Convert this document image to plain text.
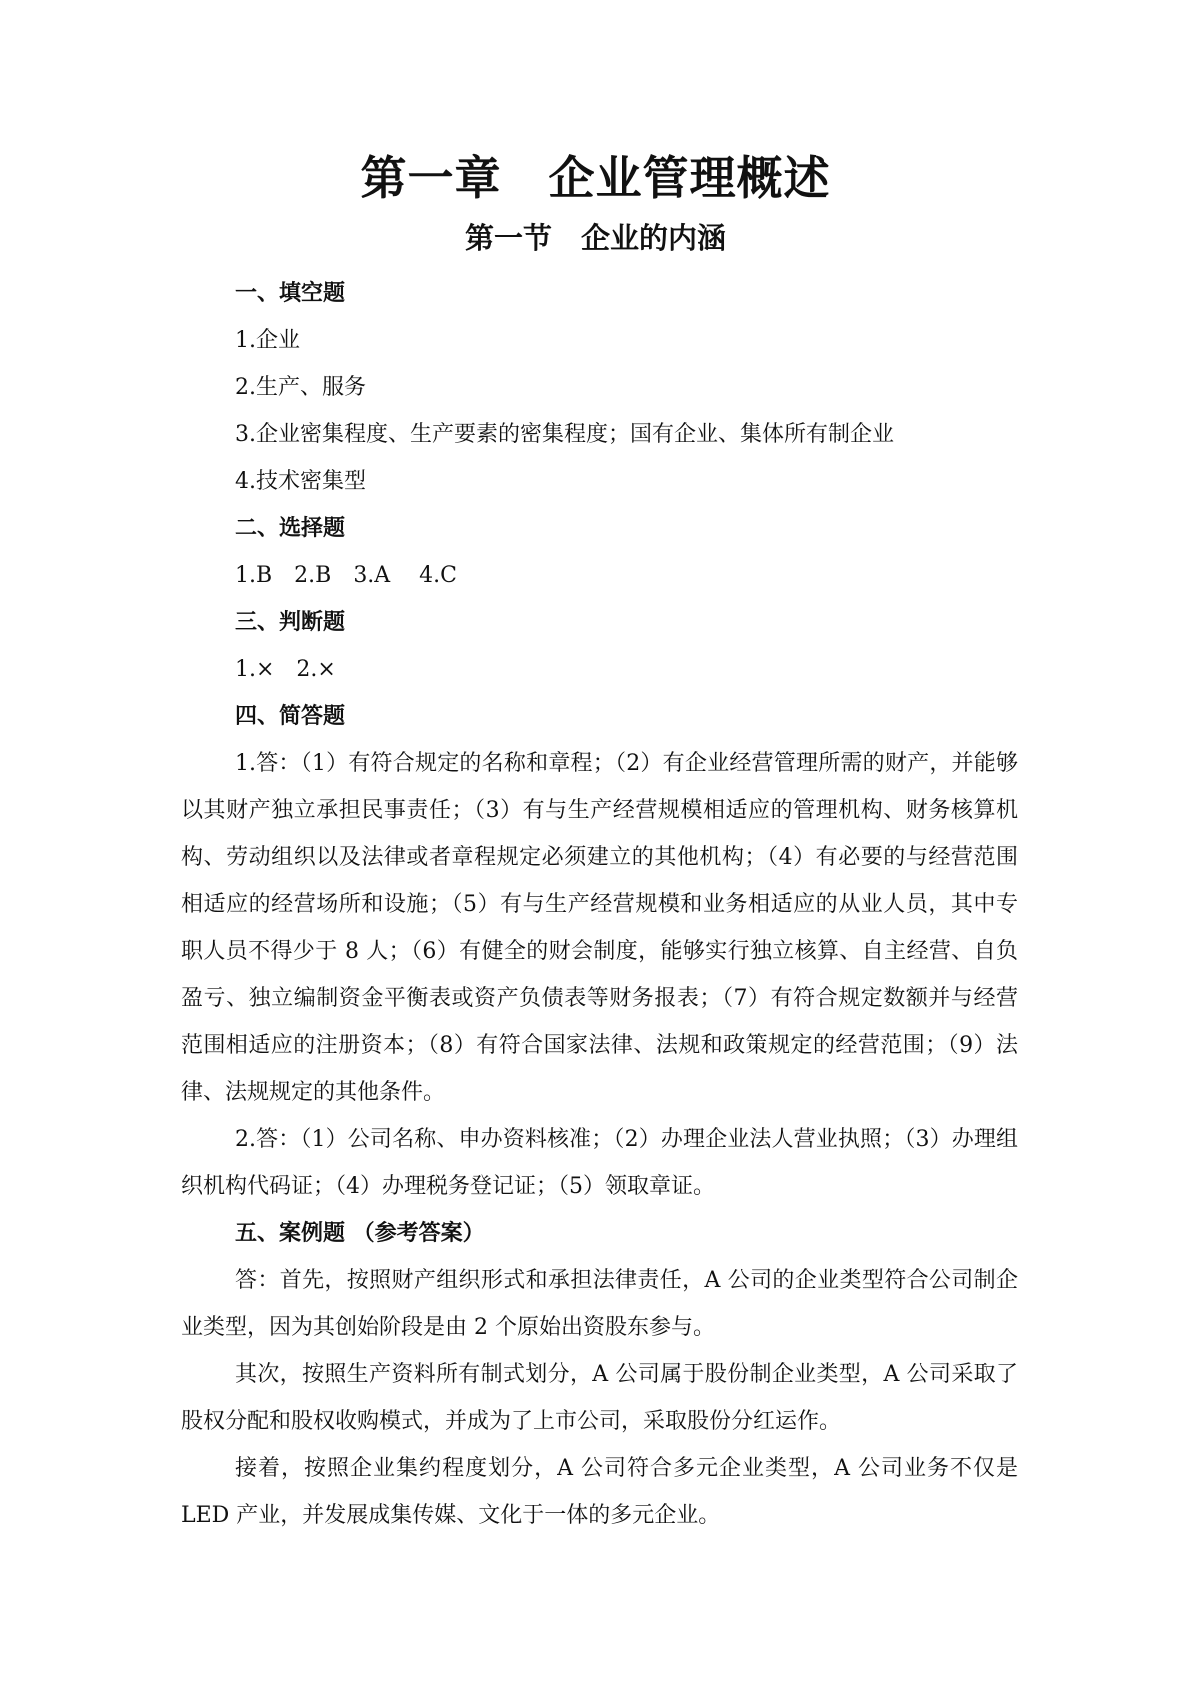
第一章　企业管理概述
第一节　企业的内涵
一、填空题
1.企业
2.生产、服务
3.企业密集程度、生产要素的密集程度；国有企业、集体所有制企业
4.技术密集型
二、选择题
1.B　2.B　3.A　 4.C
三、判断题
1.×　2.×
四、简答题

1.答：（1）有符合规定的名称和章程；（2）有企业经营管理所需的财产，并能够以其财产独立承担民事责任；（3）有与生产经营规模相适应的管理机构、财务核算机构、劳动组织以及法律或者章程规定必须建立的其他机构；（4）有必要的与经营范围相适应的经营场所和设施；（5）有与生产经营规模和业务相适应的从业人员，其中专职人员不得少于 8 人；（6）有健全的财会制度，能够实行独立核算、自主经营、自负盈亏、独立编制资金平衡表或资产负债表等财务报表；（7）有符合规定数额并与经营范围相适应的注册资本；（8）有符合国家法律、法规和政策规定的经营范围；（9）法律、法规规定的其他条件。

2.答：（1）公司名称、申办资料核准；（2）办理企业法人营业执照；（3）办理组织机构代码证；（4）办理税务登记证；（5）领取章证。

五、案例题 （参考答案）

答：首先，按照财产组织形式和承担法律责任，A 公司的企业类型符合公司制企业类型，因为其创始阶段是由 2 个原始出资股东参与。

其次，按照生产资料所有制式划分，A 公司属于股份制企业类型，A 公司采取了股权分配和股权收购模式，并成为了上市公司，采取股份分红运作。

接着，按照企业集约程度划分，A 公司符合多元企业类型，A 公司业务不仅是 LED 产业，并发展成集传媒、文化于一体的多元企业。
